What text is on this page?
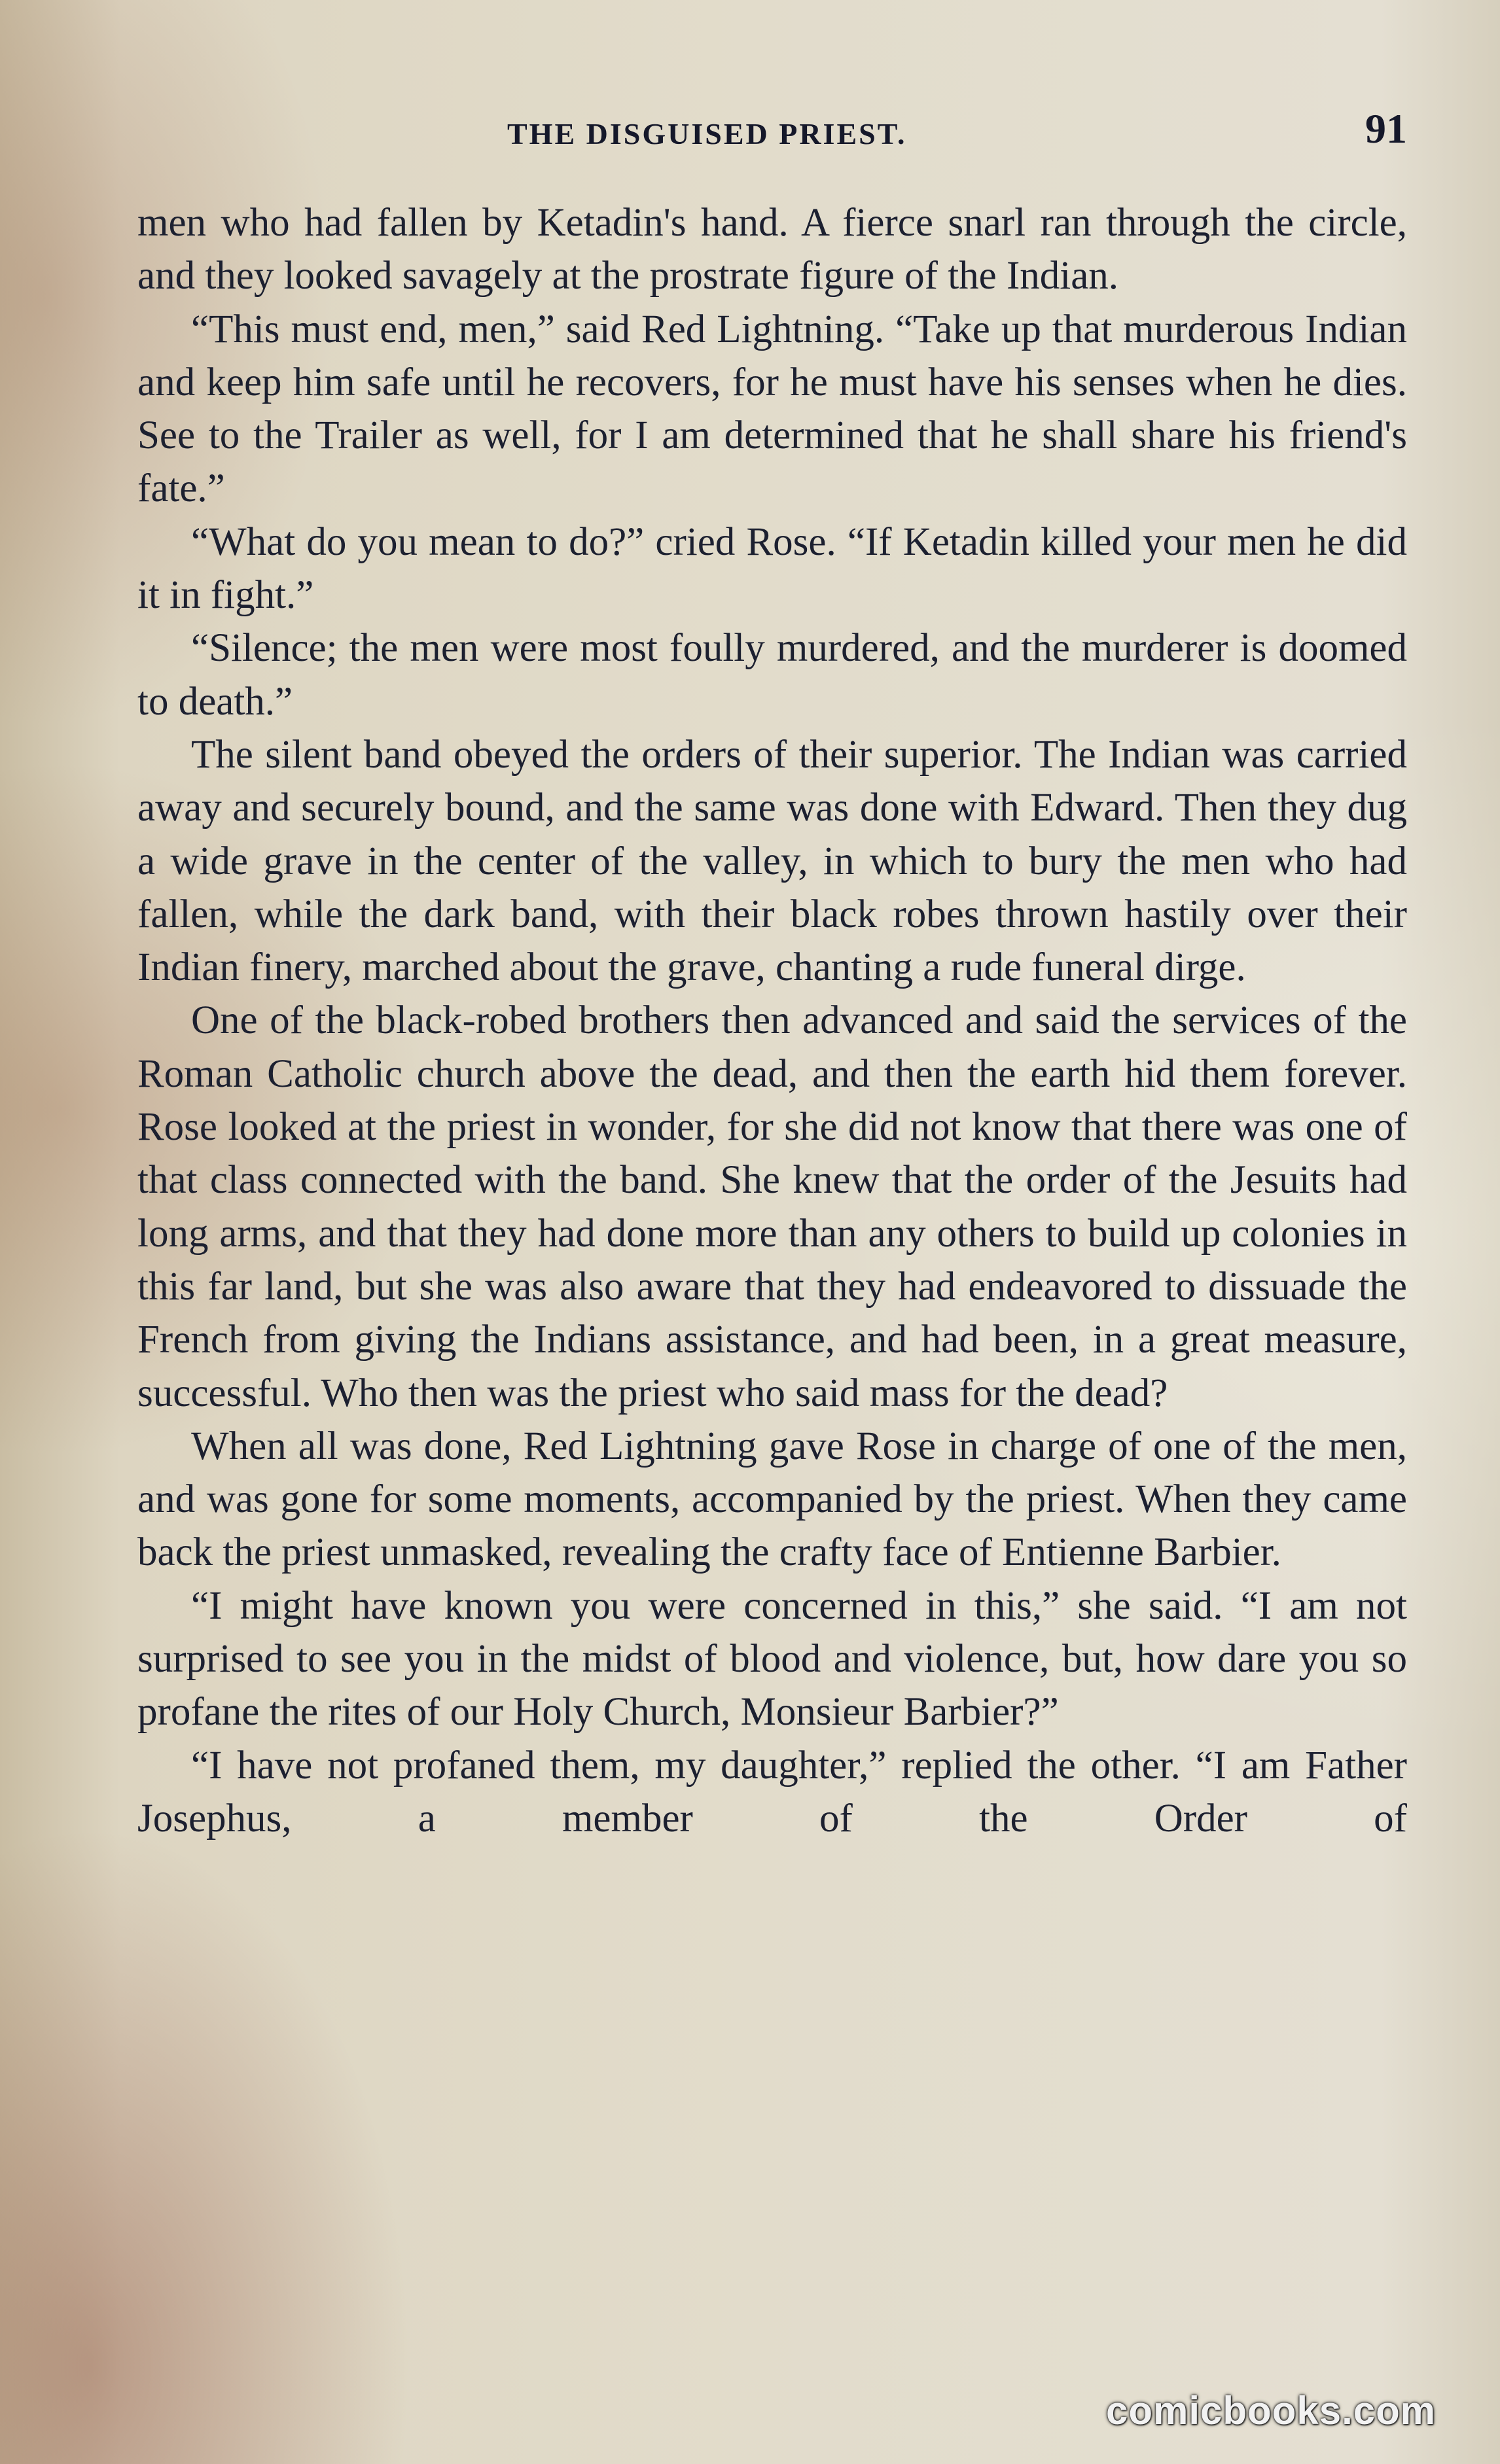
THE DISGUISED PRIEST.	91

men who had fallen by Ketadin's hand. A fierce snarl ran through the circle, and they looked savagely at the prostrate figure of the Indian.

“This must end, men,” said Red Lightning. “Take up that murderous Indian and keep him safe until he recovers, for he must have his senses when he dies. See to the Trailer as well, for I am determined that he shall share his friend's fate.”

“What do you mean to do?” cried Rose. “If Ketadin killed your men he did it in fight.”

“Silence; the men were most foully murdered, and the murderer is doomed to death.”

The silent band obeyed the orders of their superior. The Indian was carried away and securely bound, and the same was done with Edward. Then they dug a wide grave in the center of the valley, in which to bury the men who had fallen, while the dark band, with their black robes thrown hastily over their Indian finery, marched about the grave, chanting a rude funeral dirge.

One of the black-robed brothers then advanced and said the services of the Roman Catholic church above the dead, and then the earth hid them forever. Rose looked at the priest in wonder, for she did not know that there was one of that class connected with the band. She knew that the order of the Jesuits had long arms, and that they had done more than any others to build up colonies in this far land, but she was also aware that they had endeavored to dissuade the French from giving the Indians assistance, and had been, in a great measure, successful. Who then was the priest who said mass for the dead?

When all was done, Red Lightning gave Rose in charge of one of the men, and was gone for some moments, accompanied by the priest. When they came back the priest unmasked, revealing the crafty face of Entienne Barbier.

“I might have known you were concerned in this,” she said. “I am not surprised to see you in the midst of blood and violence, but, how dare you so profane the rites of our Holy Church, Monsieur Barbier?”

“I have not profaned them, my daughter,” replied the other. “I am Father Josephus, a member of the Order of

comicbooks.com
